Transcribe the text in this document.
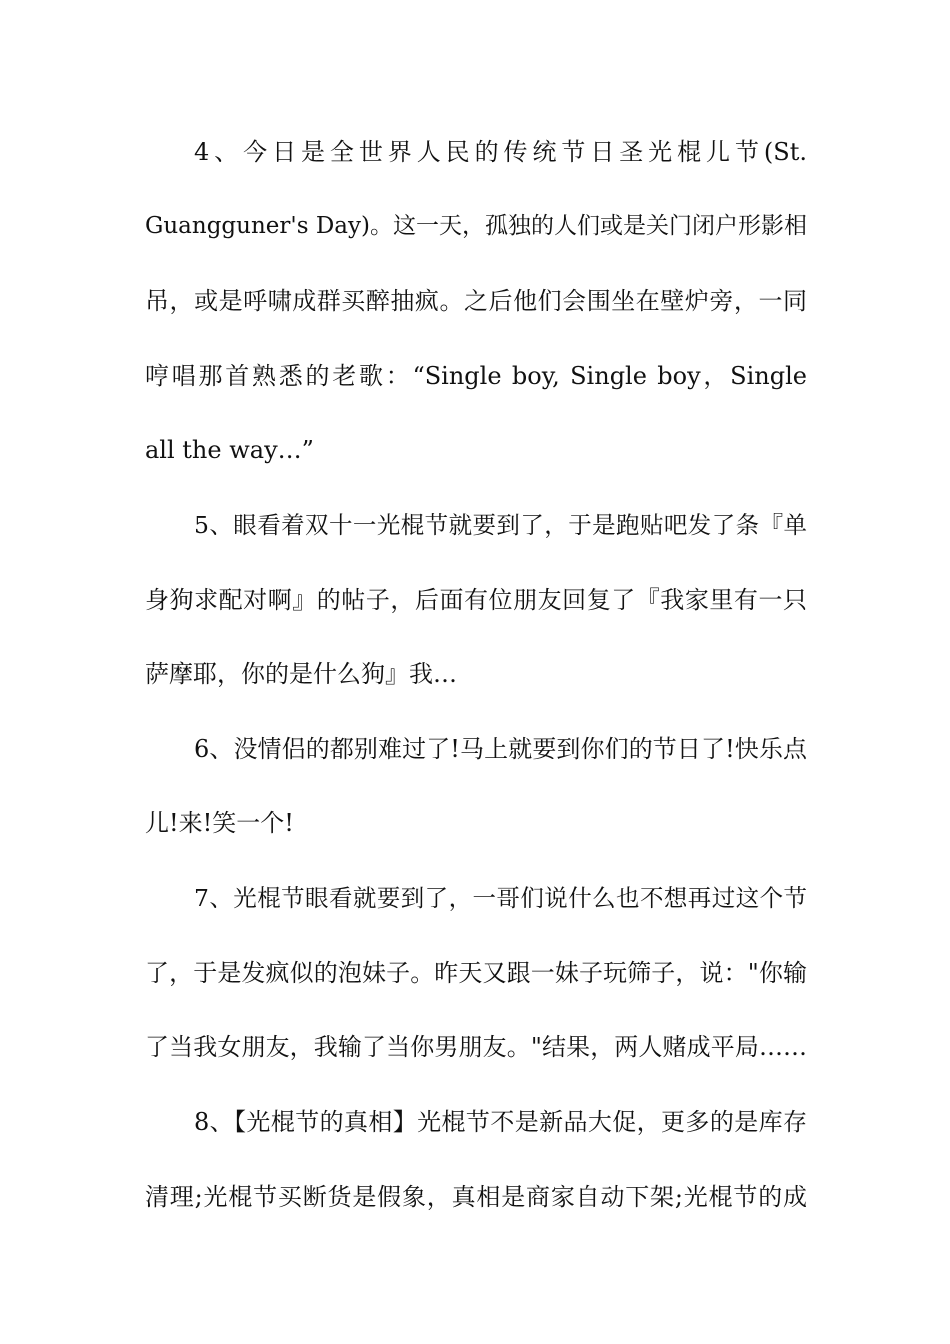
4、今日是全世界人民的传统节日圣光棍儿节(St.
Guangguner's Day)。这一天，孤独的人们或是关门闭户形影相
吊，或是呼啸成群买醉抽疯。之后他们会围坐在壁炉旁，一同
哼唱那首熟悉的老歌：“Single boy, Single boy，Single
all the way…”
5、眼看着双十一光棍节就要到了，于是跑贴吧发了条『单
身狗求配对啊』的帖子，后面有位朋友回复了『我家里有一只
萨摩耶，你的是什么狗』我…
6、没情侣的都别难过了!马上就要到你们的节日了!快乐点
儿!来!笑一个!
7、光棍节眼看就要到了，一哥们说什么也不想再过这个节
了，于是发疯似的泡妹子。昨天又跟一妹子玩筛子，说："你输
了当我女朋友，我输了当你男朋友。"结果，两人赌成平局……
8、【光棍节的真相】光棍节不是新品大促，更多的是库存
清理;光棍节买断货是假象，真相是商家自动下架;光棍节的成
